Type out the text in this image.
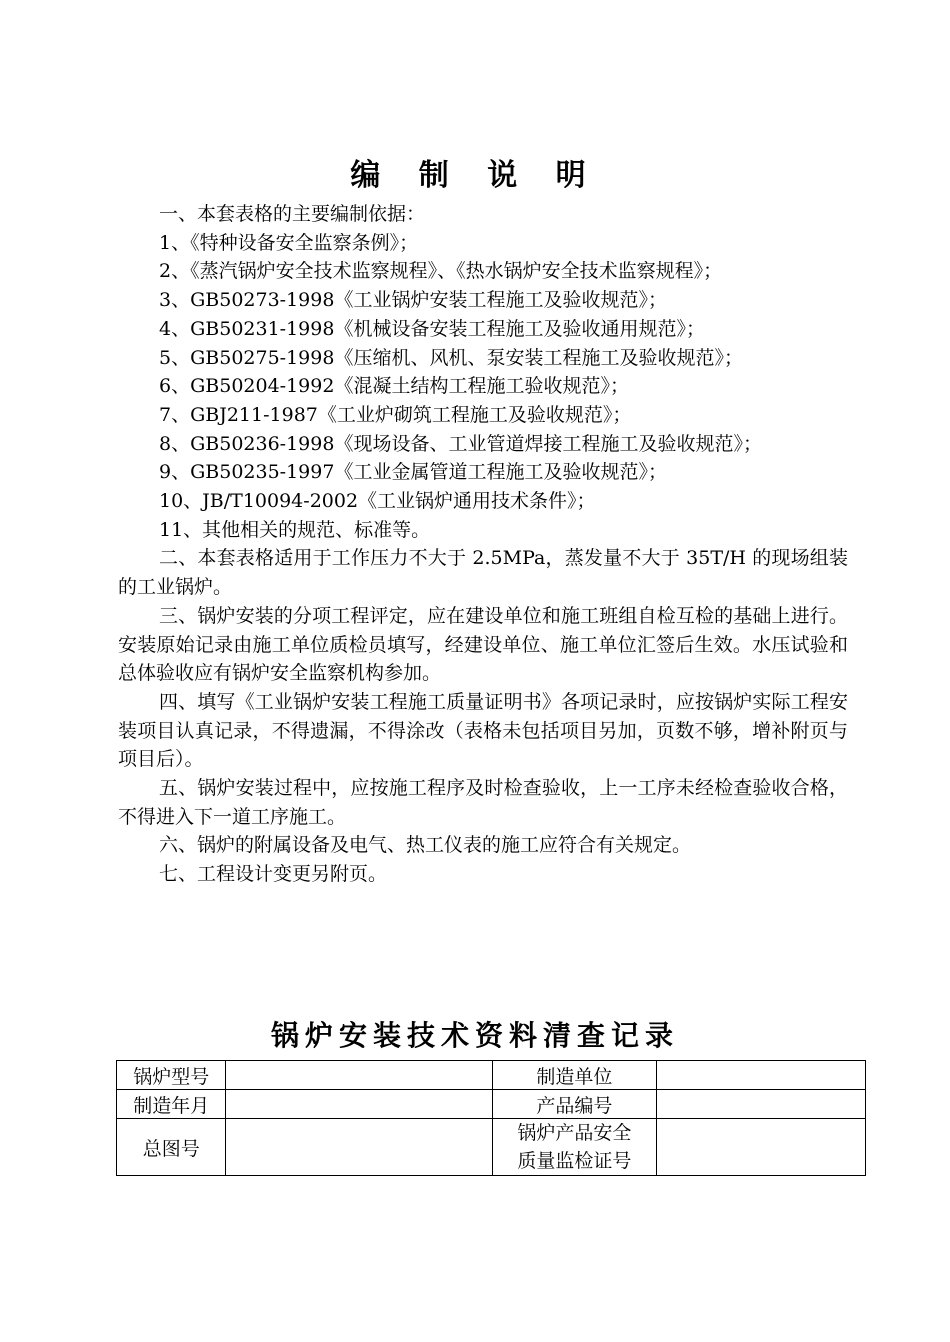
编 制 说 明

一、本套表格的主要编制依据：

1、《特种设备安全监察条例》；

2、《蒸汽锅炉安全技术监察规程》、《热水锅炉安全技术监察规程》；

3、GB50273-1998《工业锅炉安装工程施工及验收规范》；

4、GB50231-1998《机械设备安装工程施工及验收通用规范》；

5、GB50275-1998《压缩机、风机、泵安装工程施工及验收规范》；

6、GB50204-1992《混凝土结构工程施工验收规范》；

7、GBJ211-1987《工业炉砌筑工程施工及验收规范》；

8、GB50236-1998《现场设备、工业管道焊接工程施工及验收规范》；

9、GB50235-1997《工业金属管道工程施工及验收规范》；

10、JB/T10094-2002《工业锅炉通用技术条件》；

11、其他相关的规范、标准等。

二、本套表格适用于工作压力不大于 2.5MPa，蒸发量不大于 35T/H 的现场组装的工业锅炉。

三、锅炉安装的分项工程评定，应在建设单位和施工班组自检互检的基础上进行。安装原始记录由施工单位质检员填写，经建设单位、施工单位汇签后生效。水压试验和总体验收应有锅炉安全监察机构参加。

四、填写《工业锅炉安装工程施工质量证明书》各项记录时，应按锅炉实际工程安装项目认真记录，不得遗漏，不得涂改（表格未包括项目另加，页数不够，增补附页与项目后）。

五、锅炉安装过程中，应按施工程序及时检查验收，上一工序未经检查验收合格，不得进入下一道工序施工。

六、锅炉的附属设备及电气、热工仪表的施工应符合有关规定。

七、工程设计变更另附页。

锅炉安装技术资料清查记录
锅炉型号		制造单位	
制造年月		产品编号	
总图号		锅炉产品安全
质量监检证号	
